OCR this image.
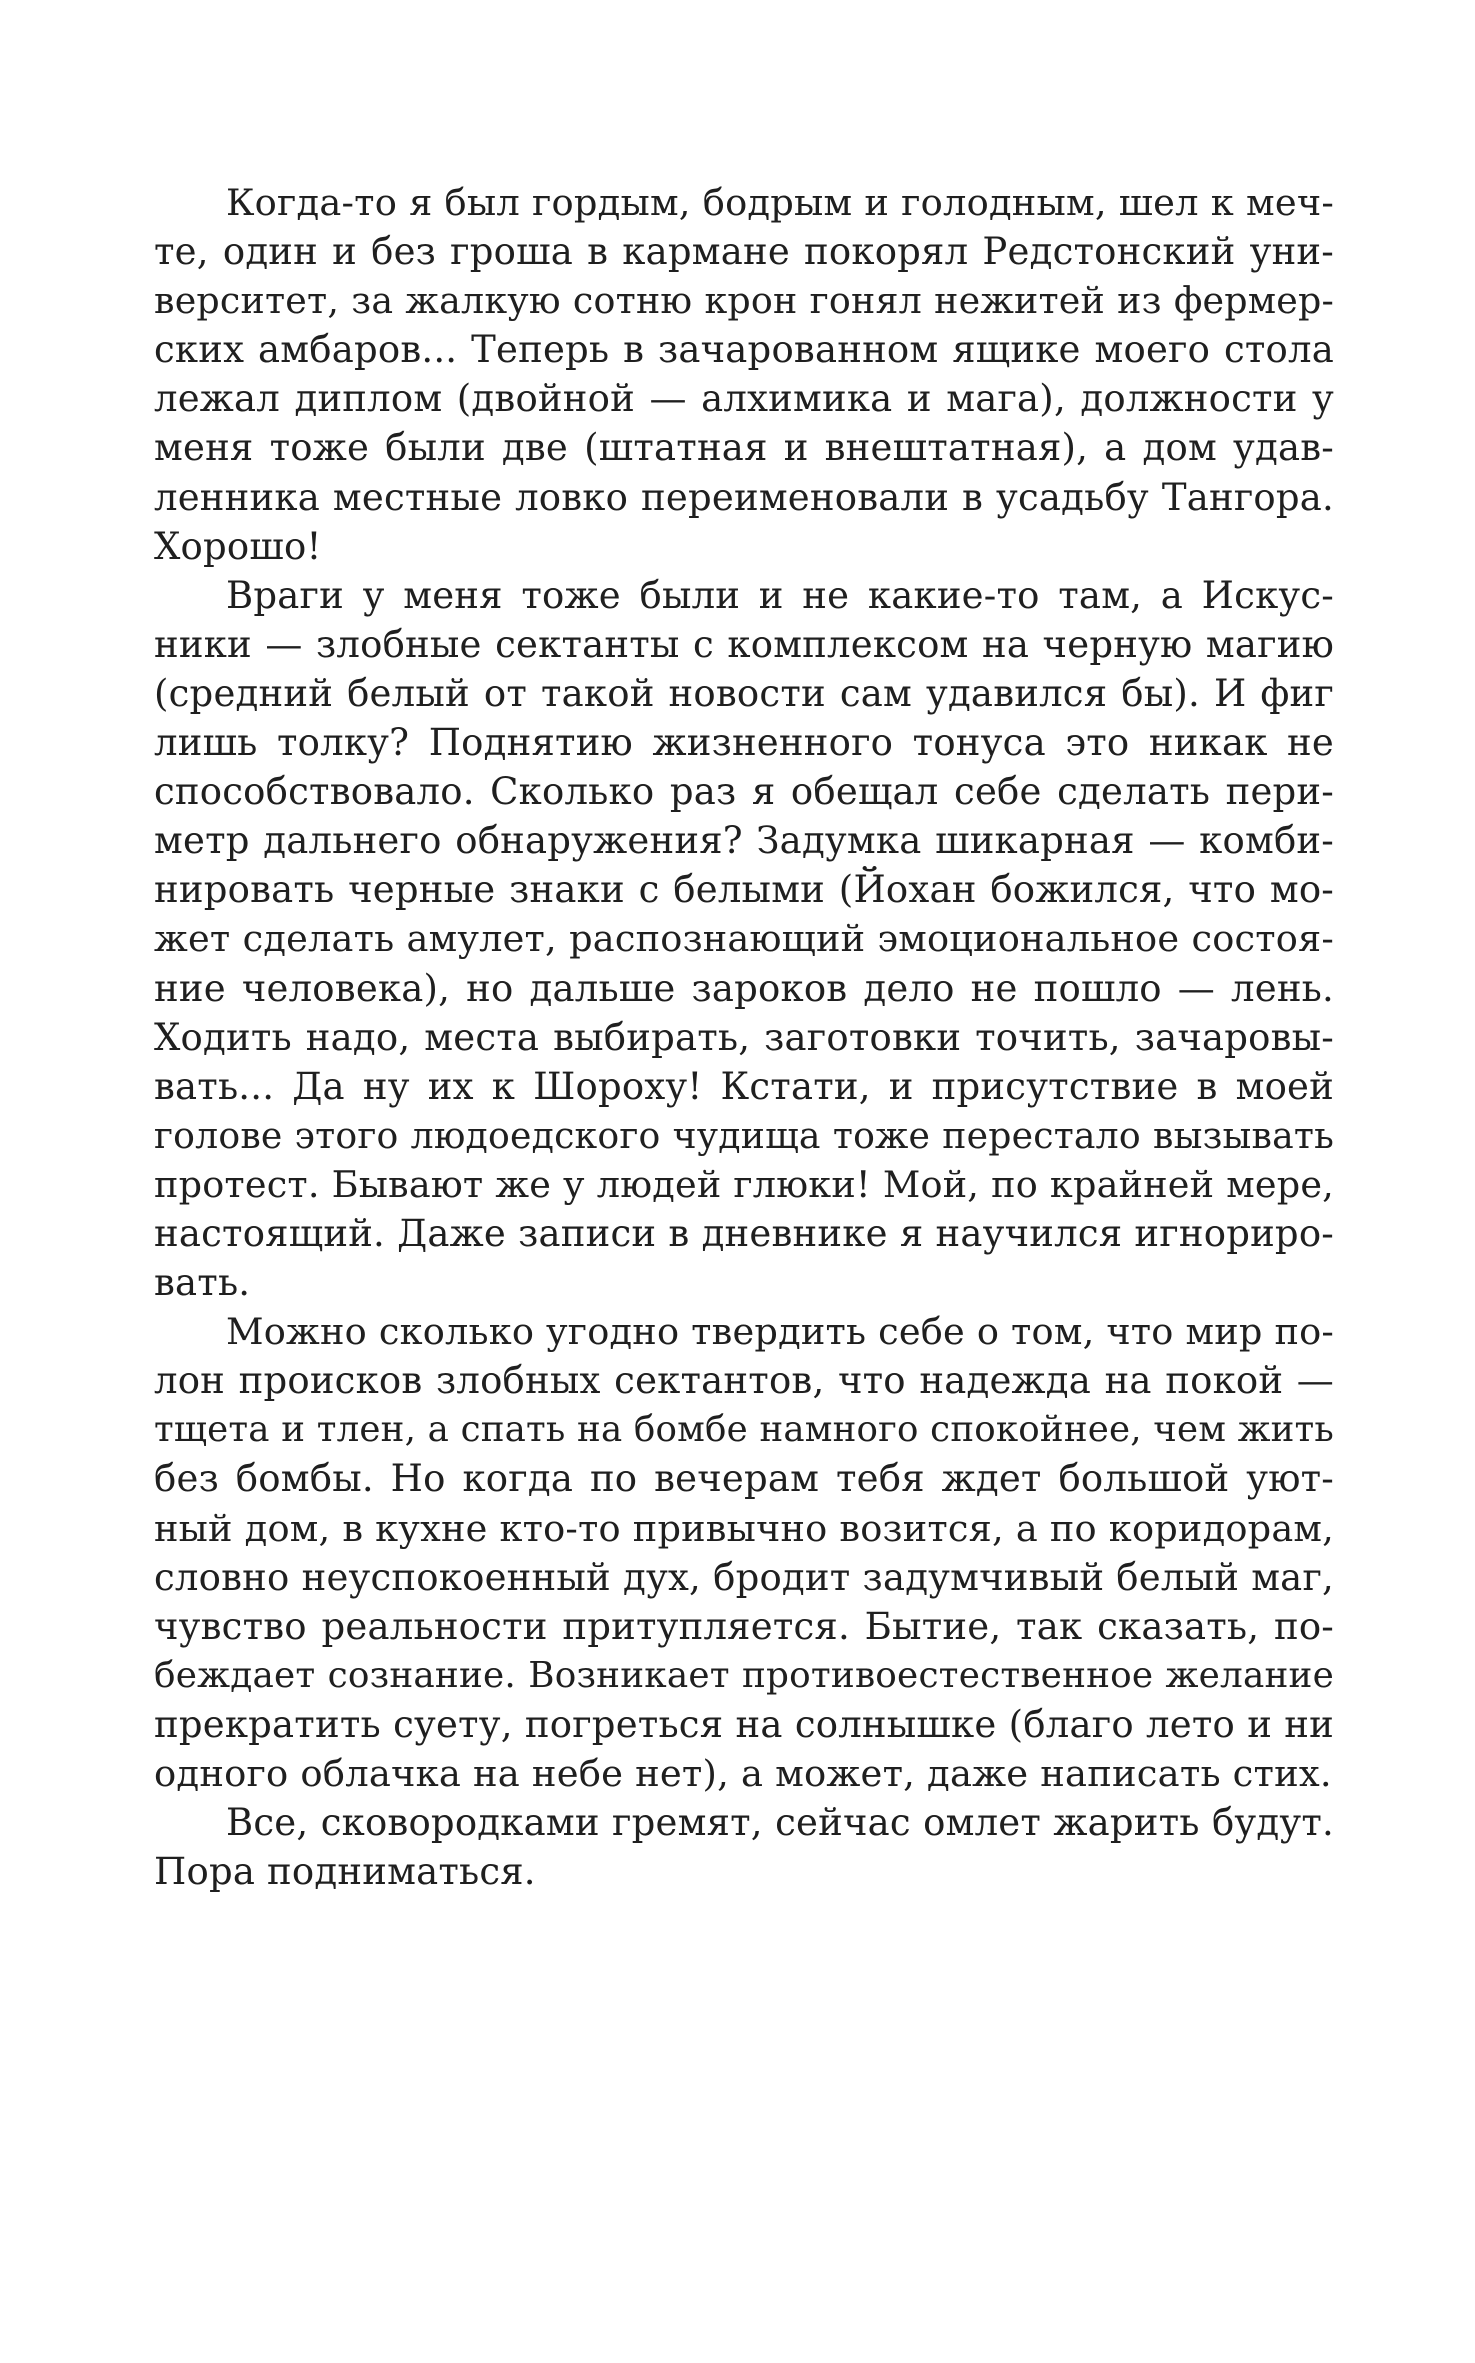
Когда-то я был гордым, бодрым и голодным, шел к меч-
те, один и без гроша в кармане покорял Редстонский уни-
верситет, за жалкую сотню крон гонял нежитей из фермер-
ских амбаров... Теперь в зачарованном ящике моего стола
лежал диплом (двойной — алхимика и мага), должности у
меня тоже были две (штатная и внештатная), а дом удав-
ленника местные ловко переименовали в усадьбу Тангора.
Хорошо!
Враги у меня тоже были и не какие-то там, а Искус-
ники — злобные сектанты с комплексом на черную магию
(средний белый от такой новости сам удавился бы). И фиг
лишь толку? Поднятию жизненного тонуса это никак не
способствовало. Сколько раз я обещал себе сделать пери-
метр дальнего обнаружения? Задумка шикарная — комби-
нировать черные знаки с белыми (Йохан божился, что мо-
жет сделать амулет, распознающий эмоциональное состоя-
ние человека), но дальше зароков дело не пошло — лень.
Ходить надо, места выбирать, заготовки точить, зачаровы-
вать... Да ну их к Шороху! Кстати, и присутствие в моей
голове этого людоедского чудища тоже перестало вызывать
протест. Бывают же у людей глюки! Мой, по крайней мере,
настоящий. Даже записи в дневнике я научился игнориро-
вать.
Можно сколько угодно твердить себе о том, что мир по-
лон происков злобных сектантов, что надежда на покой —
тщета и тлен, а спать на бомбе намного спокойнее, чем жить
без бомбы. Но когда по вечерам тебя ждет большой уют-
ный дом, в кухне кто-то привычно возится, а по коридорам,
словно неуспокоенный дух, бродит задумчивый белый маг,
чувство реальности притупляется. Бытие, так сказать, по-
беждает сознание. Возникает противоестественное желание
прекратить суету, погреться на солнышке (благо лето и ни
одного облачка на небе нет), а может, даже написать стих.
Все, сковородками гремят, сейчас омлет жарить будут.
Пора подниматься.
